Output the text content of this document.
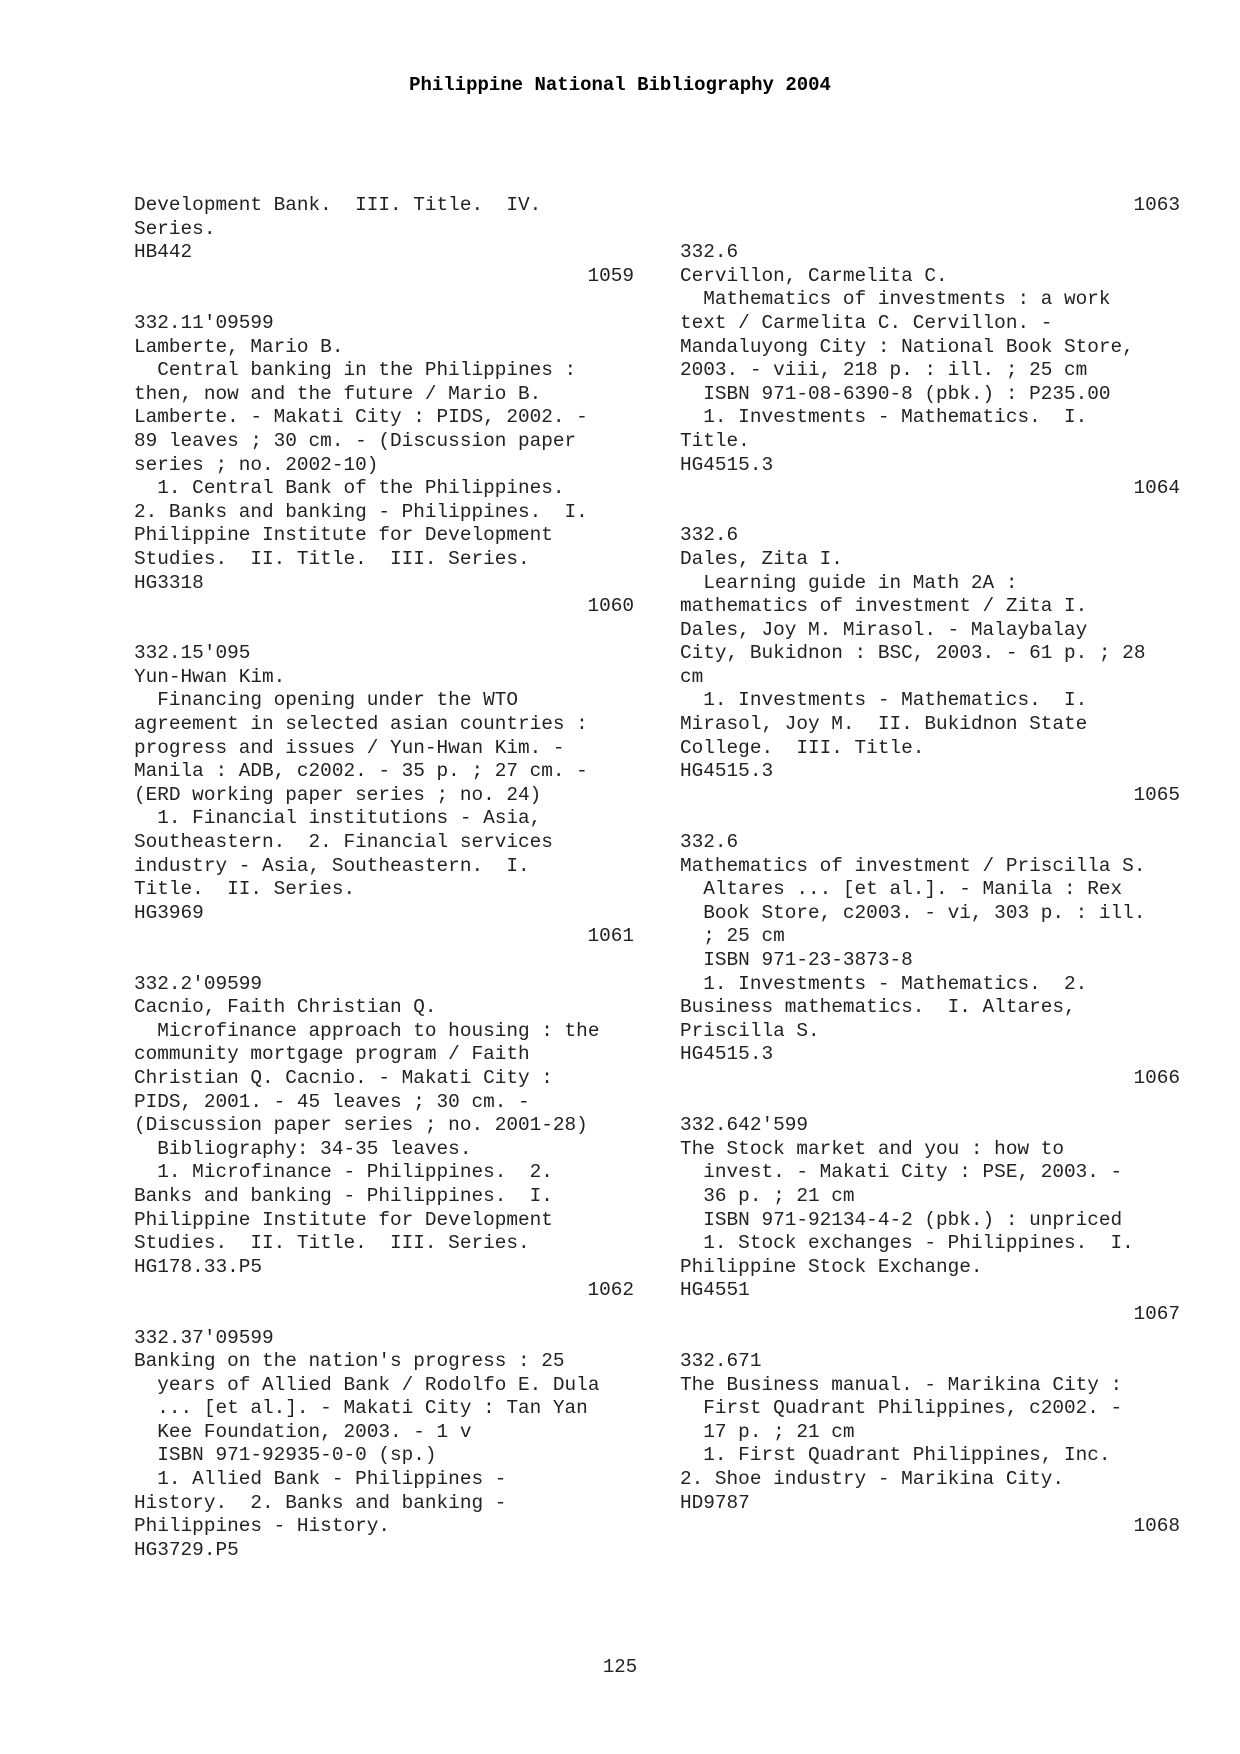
Philippine National Bibliography 2004
Development Bank.  III. Title.  IV.
Series.
HB442
1059
332.11'09599
Lamberte, Mario B.
Central banking in the Philippines :
then, now and the future / Mario B.
Lamberte. - Makati City : PIDS, 2002. -
89 leaves ; 30 cm. - (Discussion paper
series ; no. 2002-10)
1. Central Bank of the Philippines.
2. Banks and banking - Philippines.  I.
Philippine Institute for Development
Studies.  II. Title.  III. Series.
HG3318
1060
332.15'095
Yun-Hwan Kim.
Financing opening under the WTO
agreement in selected asian countries :
progress and issues / Yun-Hwan Kim. -
Manila : ADB, c2002. - 35 p. ; 27 cm. -
(ERD working paper series ; no. 24)
1. Financial institutions - Asia,
Southeastern.  2. Financial services
industry - Asia, Southeastern.  I.
Title.  II. Series.
HG3969
1061
332.2'09599
Cacnio, Faith Christian Q.
Microfinance approach to housing : the
community mortgage program / Faith
Christian Q. Cacnio. - Makati City :
PIDS, 2001. - 45 leaves ; 30 cm. -
(Discussion paper series ; no. 2001-28)
Bibliography: 34-35 leaves.
1. Microfinance - Philippines.  2.
Banks and banking - Philippines.  I.
Philippine Institute for Development
Studies.  II. Title.  III. Series.
HG178.33.P5
1062
332.37'09599
Banking on the nation's progress : 25
years of Allied Bank / Rodolfo E. Dula
... [et al.]. - Makati City : Tan Yan
Kee Foundation, 2003. - 1 v
ISBN 971-92935-0-0 (sp.)
1. Allied Bank - Philippines -
History.  2. Banks and banking -
Philippines - History.
HG3729.P5
1063
332.6
Cervillon, Carmelita C.
Mathematics of investments : a work
text / Carmelita C. Cervillon. -
Mandaluyong City : National Book Store,
2003. - viii, 218 p. : ill. ; 25 cm
ISBN 971-08-6390-8 (pbk.) : P235.00
1. Investments - Mathematics.  I.
Title.
HG4515.3
1064
332.6
Dales, Zita I.
Learning guide in Math 2A :
mathematics of investment / Zita I.
Dales, Joy M. Mirasol. - Malaybalay
City, Bukidnon : BSC, 2003. - 61 p. ; 28
cm
1. Investments - Mathematics.  I.
Mirasol, Joy M.  II. Bukidnon State
College.  III. Title.
HG4515.3
1065
332.6
Mathematics of investment / Priscilla S.
Altares ... [et al.]. - Manila : Rex
Book Store, c2003. - vi, 303 p. : ill.
; 25 cm
ISBN 971-23-3873-8
1. Investments - Mathematics.  2.
Business mathematics.  I. Altares,
Priscilla S.
HG4515.3
1066
332.642'599
The Stock market and you : how to
invest. - Makati City : PSE, 2003. -
36 p. ; 21 cm
ISBN 971-92134-4-2 (pbk.) : unpriced
1. Stock exchanges - Philippines.  I.
Philippine Stock Exchange.
HG4551
1067
332.671
The Business manual. - Marikina City :
First Quadrant Philippines, c2002. -
17 p. ; 21 cm
1. First Quadrant Philippines, Inc.
2. Shoe industry - Marikina City.
HD9787
1068
125
